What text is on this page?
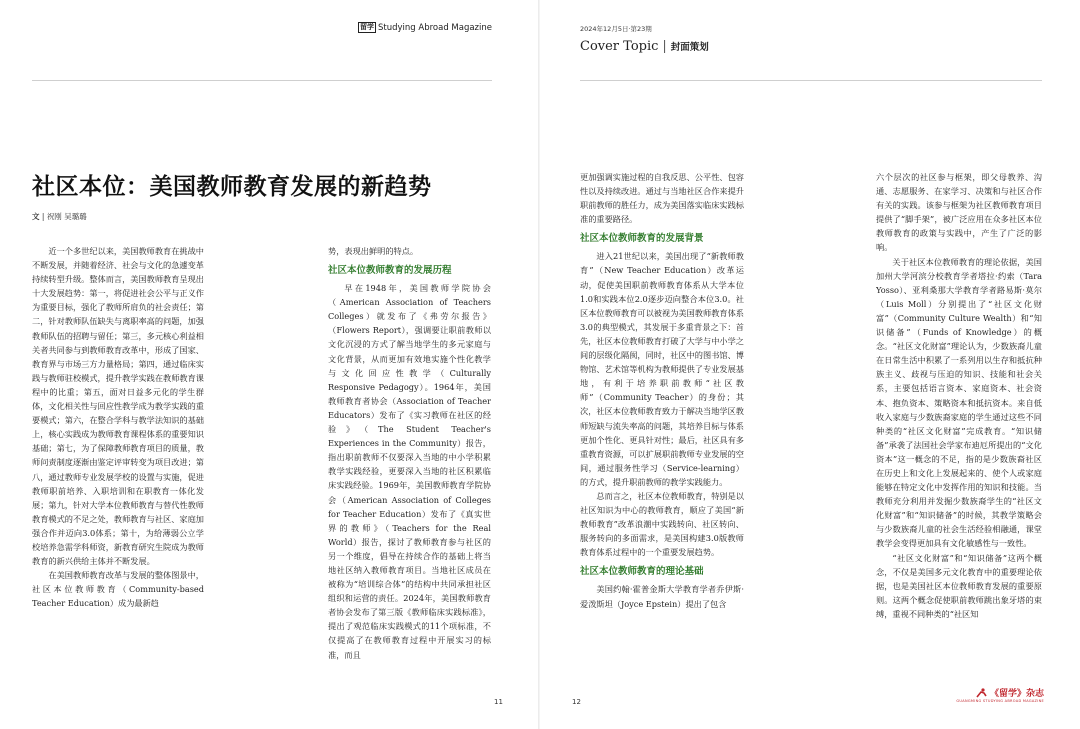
留学 Studying Abroad Magazine
社区本位：美国教师教育发展的新趋势
文 | 祝刚 吴璐璐

近一个多世纪以来，美国教师教育在挑战中不断发展，并随着经济、社会与文化的急遽变革持续转型升级。整体而言，美国教师教育呈现出十大发展趋势：第一，将促进社会公平与正义作为重要目标，强化了教师所肩负的社会责任；第二，针对教师队伍缺失与离职率高的问题，加强教师队伍的招聘与留任；第三，多元核心利益相关者共同参与到教师教育改革中，形成了国家、教育界与市场三方力量格局；第四，通过临床实践与教师驻校模式，提升教学实践在教师教育课程中的比重；第五，面对日益多元化的学生群体，文化相关性与回应性教学成为教学实践的重要模式；第六，在整合学科与教学法知识的基础上，核心实践成为教师教育课程体系的重要知识基础；第七，为了保障教师教育项目的质量，教师问责制度逐渐由鉴定评审转变为项目改进；第八，通过教师专业发展学校的设置与实施，促进教师职前培养、入职培训和在职教育一体化发展；第九，针对大学本位教师教育与替代性教师教育模式的不足之处，教师教育与社区、家庭加强合作并迈向3.0体系；第十，为给薄弱公立学校培养急需学科师资，新教育研究生院成为教师教育的新兴供给主体并不断发展。

在美国教师教育改革与发展的整体图景中，社区本位教师教育（Community-based Teacher Education）成为最新趋

势，表现出鲜明的特点。

社区本位教师教育的发展历程

早在1948年，美国教师学院协会（American Association of Teachers Colleges）就发布了《弗劳尔报告》（Flowers Report），强调要让职前教师以文化沉浸的方式了解当地学生的多元家庭与文化背景，从而更加有效地实施个性化教学与文化回应性教学（Culturally Responsive Pedagogy）。1964年，美国教师教育者协会（Association of Teacher Educators）发布了《实习教师在社区的经验》（The Student Teacher's Experiences in the Community）报告，指出职前教师不仅要深入当地的中小学积累教学实践经验，更要深入当地的社区积累临床实践经验。1969年，美国教师教育学院协会（American Association of Colleges for Teacher Education）发布了《真实世界的教师》（Teachers for the Real World）报告，探讨了教师教育参与社区的另一个维度，倡导在持续合作的基础上将当地社区纳入教师教育项目。当地社区成员在被称为“培训综合体”的结构中共同承担社区组织和运营的责任。2024年，美国教师教育者协会发布了第三版《教师临床实践标准》，提出了观范临床实践模式的11个项标准，不仅提高了在教师教育过程中开展实习的标准，而且

11
2024年12月5日·第23期
Cover Topic | 封面策划

更加强调实施过程的自我反思、公平性、包容性以及持续改进。通过与当地社区合作来提升职前教师的胜任力，成为美国落实临床实践标准的重要路径。

社区本位教师教育的发展背景

进入21世纪以来，美国出现了“新教师教育”（New Teacher Education）改革运动，促使美国职前教师教育体系从大学本位1.0和实践本位2.0逐步迈向整合本位3.0。社区本位教师教育可以被视为美国教师教育体系3.0的典型模式，其发展于多重背景之下：首先，社区本位教师教育打破了大学与中小学之间的层级化隔阂，同时，社区中的图书馆、博物馆、艺术馆等机构为教师提供了专业发展基地，有利于培养职前教师“社区教师”（Community Teacher）的身份；其次，社区本位教师教育致力于解决当地学区教师短缺与流失率高的问题，其培养目标与体系更加个性化、更具针对性；最后，社区具有多重教育资源，可以扩展职前教师专业发展的空间，通过服务性学习（Service-learning）的方式，提升职前教师的教学实践能力。

总而言之，社区本位教师教育，特别是以社区知识为中心的教师教育，顺应了美国“新教师教育”改革浪潮中实践转向、社区转向、服务转向的多面需求，是美国构建3.0版教师教育体系过程中的一个重要发展趋势。

社区本位教师教育的理论基础

美国约翰·霍普金斯大学教育学者乔伊斯·爱泼斯坦（Joyce Epstein）提出了包含

六个层次的社区参与框架，即父母教养、沟通、志愿服务、在家学习、决策和与社区合作有关的实践。该参与框架为社区教师教育项目提供了“脚手架”，被广泛应用在众多社区本位教师教育的政策与实践中，产生了广泛的影响。

关于社区本位教师教育的理论依据，美国加州大学河滨分校教育学者塔拉·约索（Tara Yosso）、亚利桑那大学教育学者路易斯·莫尔（Luis Moll）分别提出了“社区文化财富”（Community Culture Wealth）和“知识储备”（Funds of Knowledge）的概念。“社区文化财富”理论认为，少数族裔儿童在日常生活中积累了一系列用以生存和抵抗种族主义、歧视与压迫的知识、技能和社会关系，主要包括语言资本、家庭资本、社会资本、抱负资本、策略资本和抵抗资本。来自低收入家庭与少数族裔家庭的学生通过这些不同种类的“社区文化财富”完成教育。“知识储备”承袭了法国社会学家布迪厄所提出的“文化资本”这一概念的不足，指的是少数族裔社区在历史上和文化上发展起来的、使个人或家庭能够在特定文化中发挥作用的知识和技能。当教师充分利用并发掘少数族裔学生的“社区文化财富”和“知识储备”的时候，其教学策略会与少数族裔儿童的社会生活经验相融通，课堂教学会变得更加具有文化敏感性与一致性。

“社区文化财富”和“知识储备”这两个概念，不仅是美国多元文化教育中的重要理论依据，也是美国社区本位教师教育发展的重要原则。这两个概念促使职前教师跳出象牙塔的束缚，重视不同种类的“社区知

12
《留学》杂志
GUANGMING STUDYING ABROAD MAGAZINE
